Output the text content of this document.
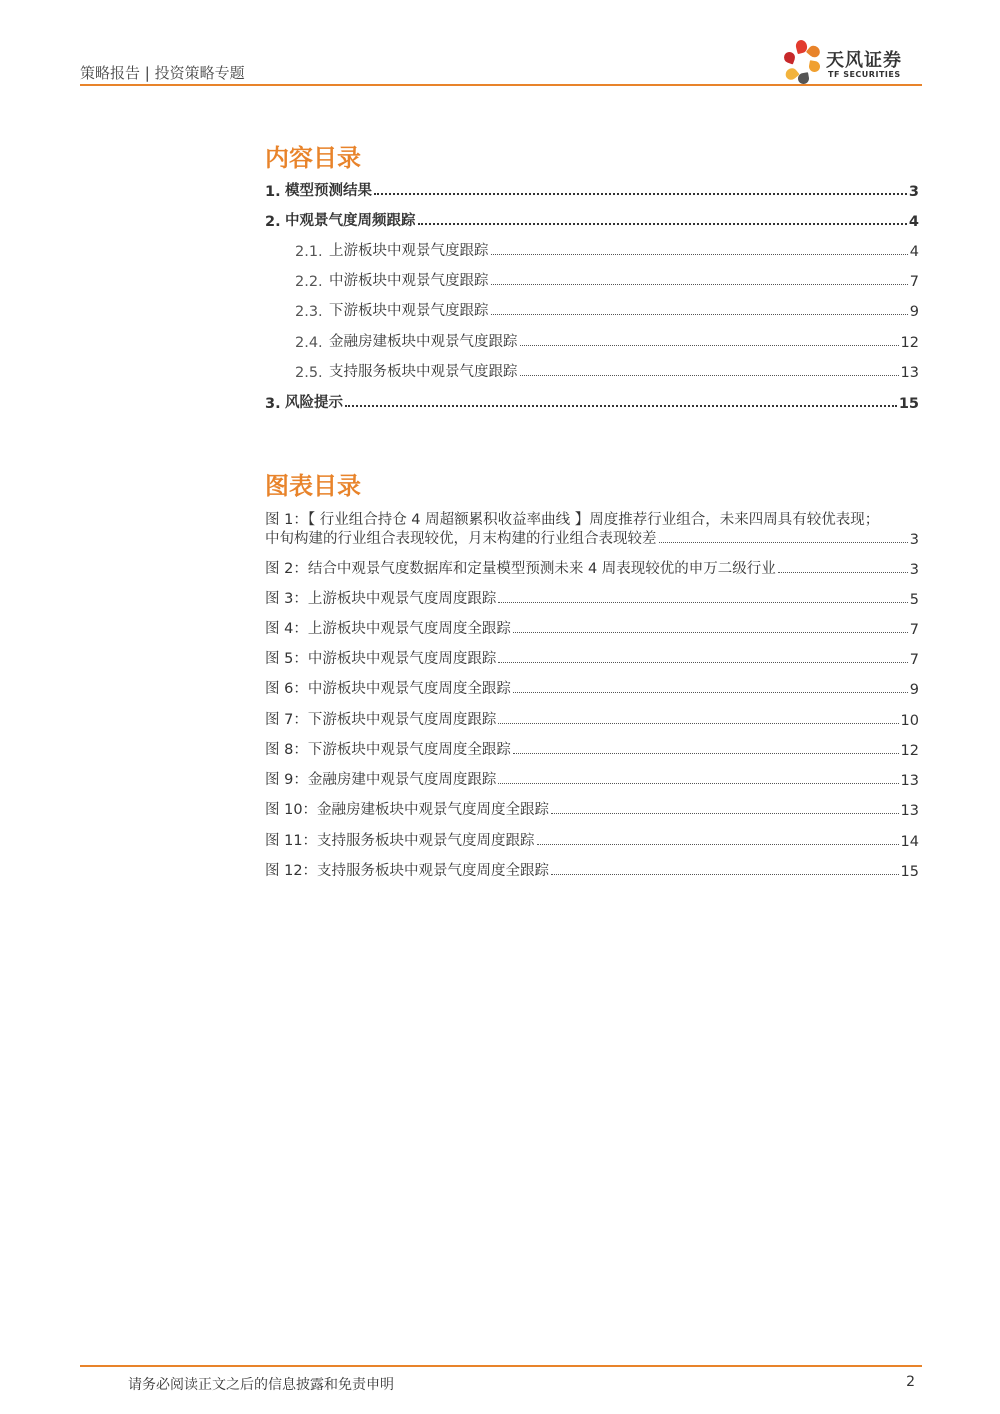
策略报告 | 投资策略专题
天风证券
TF SECURITIES
内容目录
1. 模型预测结果	3
2. 中观景气度周频跟踪	4
2.1. 上游板块中观景气度跟踪	4
2.2. 中游板块中观景气度跟踪	7
2.3. 下游板块中观景气度跟踪	9
2.4. 金融房建板块中观景气度跟踪	12
2.5. 支持服务板块中观景气度跟踪	13
3. 风险提示	15
图表目录
图 1：【 行业组合持仓 4 周超额累积收益率曲线 】周度推荐行业组合，未来四周具有较优表现；
中旬构建的行业组合表现较优，月末构建的行业组合表现较差	3
图 2：结合中观景气度数据库和定量模型预测未来 4 周表现较优的申万二级行业	3
图 3：上游板块中观景气度周度跟踪	5
图 4：上游板块中观景气度周度全跟踪	7
图 5：中游板块中观景气度周度跟踪	7
图 6：中游板块中观景气度周度全跟踪	9
图 7：下游板块中观景气度周度跟踪	10
图 8：下游板块中观景气度周度全跟踪	12
图 9：金融房建中观景气度周度跟踪	13
图 10：金融房建板块中观景气度周度全跟踪	13
图 11：支持服务板块中观景气度周度跟踪	14
图 12：支持服务板块中观景气度周度全跟踪	15
请务必阅读正文之后的信息披露和免责申明	2
